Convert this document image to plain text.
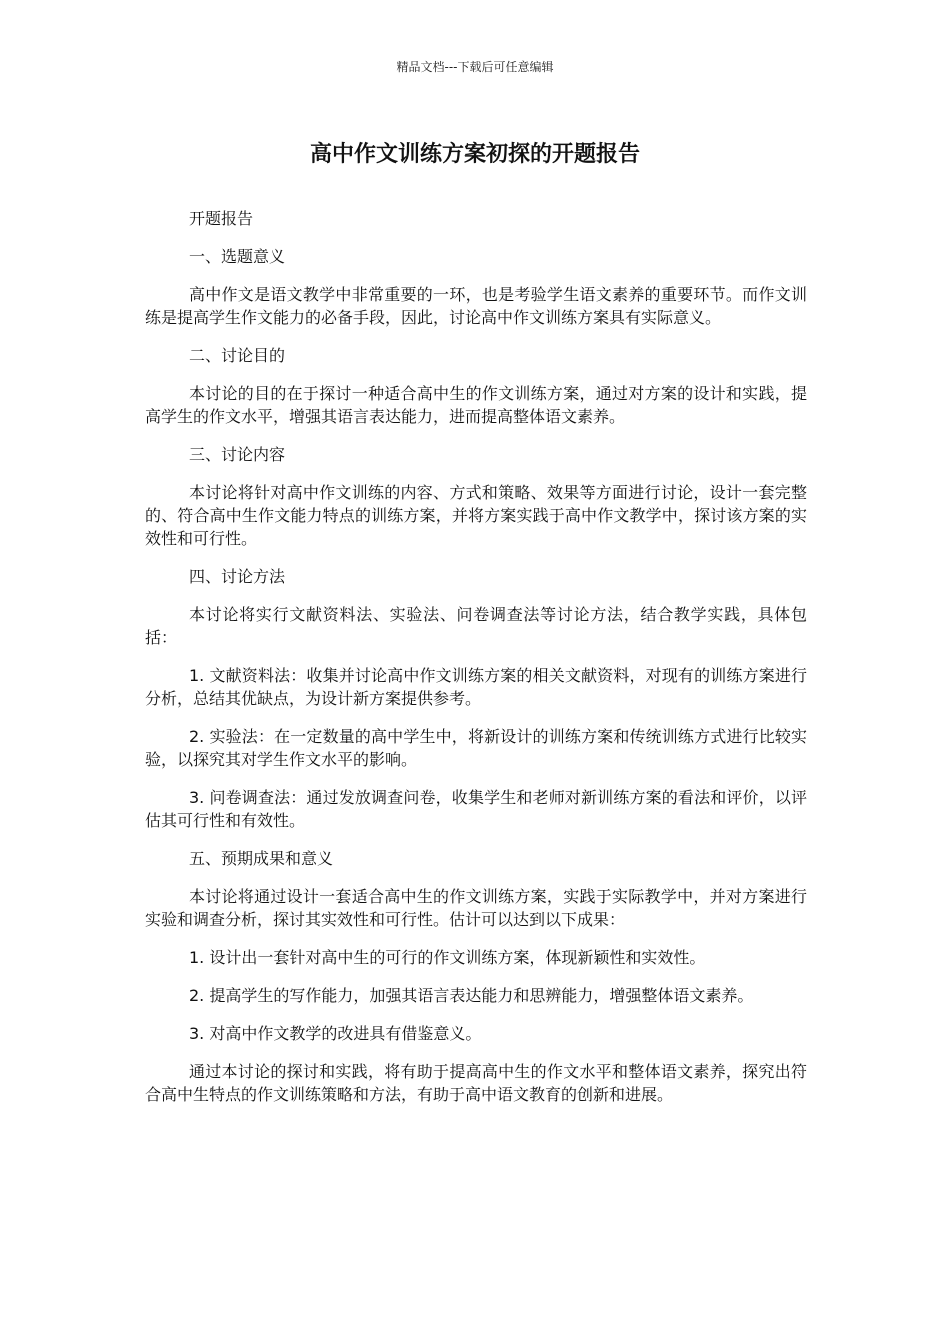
精品文档---下载后可任意编辑
高中作文训练方案初探的开题报告

开题报告

一、选题意义

高中作文是语文教学中非常重要的一环，也是考验学生语文素养的重要环节。而作文训练是提高学生作文能力的必备手段，因此，讨论高中作文训练方案具有实际意义。

二、讨论目的

本讨论的目的在于探讨一种适合高中生的作文训练方案，通过对方案的设计和实践，提高学生的作文水平，增强其语言表达能力，进而提高整体语文素养。

三、讨论内容

本讨论将针对高中作文训练的内容、方式和策略、效果等方面进行讨论，设计一套完整的、符合高中生作文能力特点的训练方案，并将方案实践于高中作文教学中，探讨该方案的实效性和可行性。

四、讨论方法

本讨论将实行文献资料法、实验法、问卷调查法等讨论方法，结合教学实践，具体包括：

1. 文献资料法：收集并讨论高中作文训练方案的相关文献资料，对现有的训练方案进行分析，总结其优缺点，为设计新方案提供参考。

2. 实验法：在一定数量的高中学生中，将新设计的训练方案和传统训练方式进行比较实验，以探究其对学生作文水平的影响。

3. 问卷调查法：通过发放调查问卷，收集学生和老师对新训练方案的看法和评价，以评估其可行性和有效性。

五、预期成果和意义

本讨论将通过设计一套适合高中生的作文训练方案，实践于实际教学中，并对方案进行实验和调查分析，探讨其实效性和可行性。估计可以达到以下成果：

1. 设计出一套针对高中生的可行的作文训练方案，体现新颖性和实效性。

2. 提高学生的写作能力，加强其语言表达能力和思辨能力，增强整体语文素养。

3. 对高中作文教学的改进具有借鉴意义。

通过本讨论的探讨和实践，将有助于提高高中生的作文水平和整体语文素养，探究出符合高中生特点的作文训练策略和方法，有助于高中语文教育的创新和进展。
